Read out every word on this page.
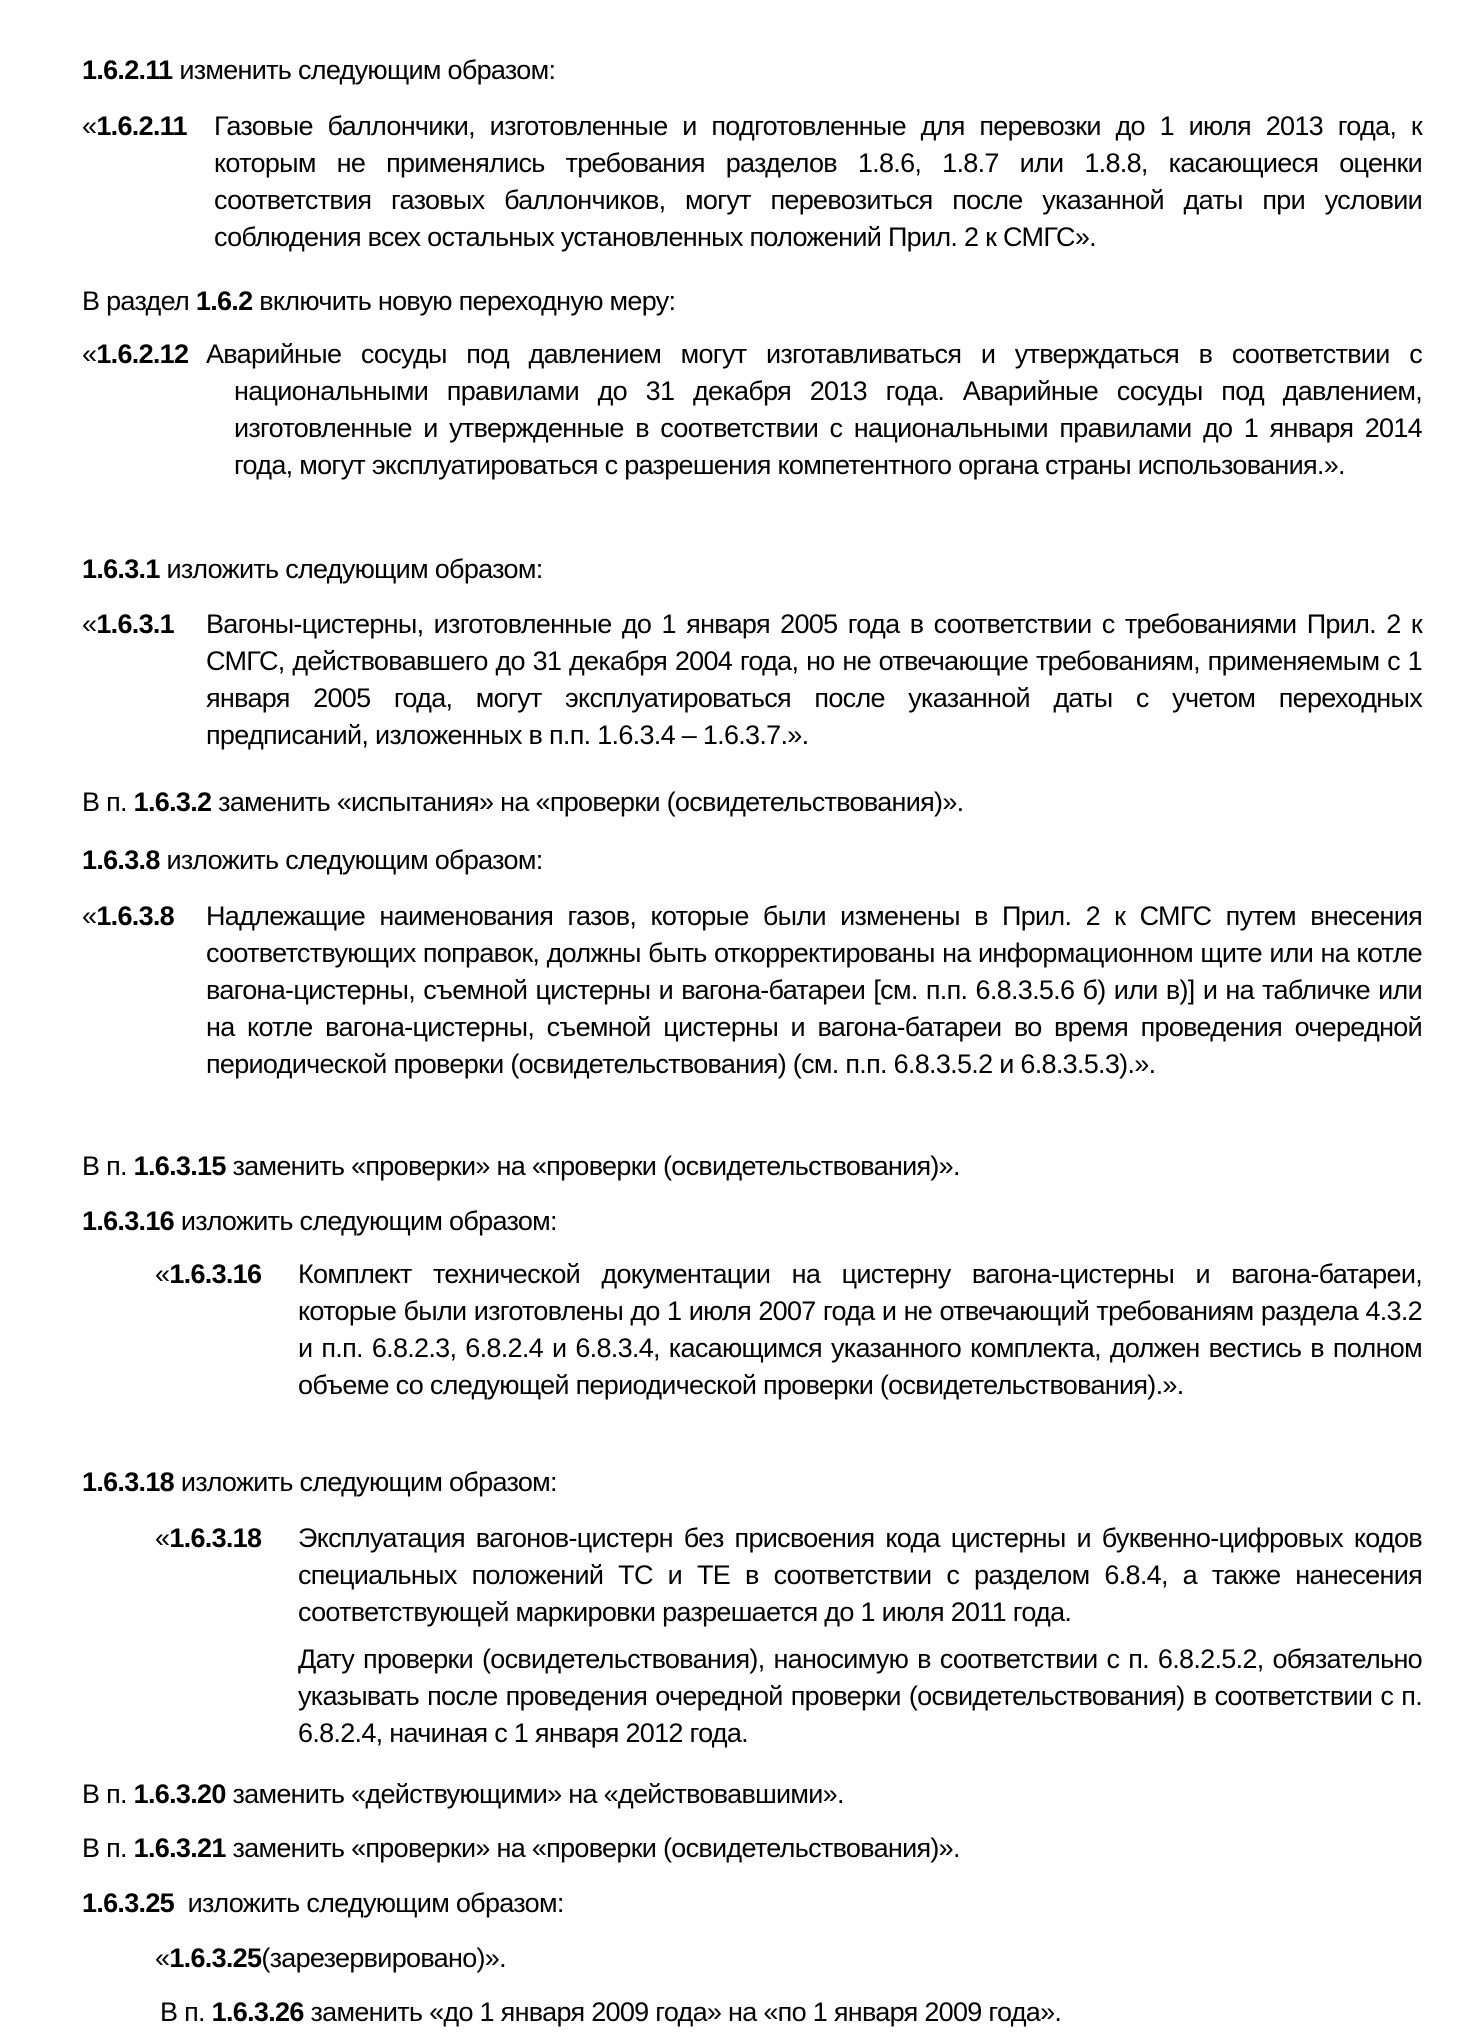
1.6.2.11 изменить следующим образом:
«1.6.2.11 Газовые баллончики, изготовленные и подготовленные для перевозки до 1 июля 2013 года, к которым не применялись требования разделов 1.8.6, 1.8.7 или 1.8.8, касающиеся оценки соответствия газовых баллончиков, могут перевозиться после указанной даты при условии соблюдения всех остальных установленных положений Прил. 2 к СМГС».
В раздел 1.6.2 включить новую переходную меру:
«1.6.2.12 Аварийные сосуды под давлением могут изготавливаться и утверждаться в соответствии с национальными правилами до 31 декабря 2013 года. Аварийные сосуды под давлением, изготовленные и утвержденные в соответствии с национальными правилами до 1 января 2014 года, могут эксплуатироваться с разрешения компетентного органа страны использования.».
1.6.3.1 изложить следующим образом:
«1.6.3.1 Вагоны-цистерны, изготовленные до 1 января 2005 года в соответствии с требованиями Прил. 2 к СМГС, действовавшего до 31 декабря 2004 года, но не отвечающие требованиям, применяемым с 1 января 2005 года, могут эксплуатироваться после указанной даты с учетом переходных предписаний, изложенных в п.п. 1.6.3.4 – 1.6.3.7.».
В п. 1.6.3.2 заменить «испытания» на «проверки (освидетельствования)».
1.6.3.8 изложить следующим образом:
«1.6.3.8 Надлежащие наименования газов, которые были изменены в Прил. 2 к СМГС путем внесения соответствующих поправок, должны быть откорректированы на информационном щите или на котле вагона-цистерны, съемной цистерны и вагона-батареи [см. п.п. 6.8.3.5.6 б) или в)] и на табличке или на котле вагона-цистерны, съемной цистерны и вагона-батареи во время проведения очередной периодической проверки (освидетельствования) (см. п.п. 6.8.3.5.2 и 6.8.3.5.3).».
В п. 1.6.3.15 заменить «проверки» на «проверки (освидетельствования)».
1.6.3.16 изложить следующим образом:
«1.6.3.16 Комплект технической документации на цистерну вагона-цистерны и вагона-батареи, которые были изготовлены до 1 июля 2007 года и не отвечающий требованиям раздела 4.3.2 и п.п. 6.8.2.3, 6.8.2.4 и 6.8.3.4, касающимся указанного комплекта, должен вестись в полном объеме со следующей периодической проверки (освидетельствования).».
1.6.3.18 изложить следующим образом:
«1.6.3.18 Эксплуатация вагонов-цистерн без присвоения кода цистерны и буквенно-цифровых кодов специальных положений ТС и ТЕ в соответствии с разделом 6.8.4, а также нанесения соответствующей маркировки разрешается до 1 июля 2011 года.

Дату проверки (освидетельствования), наносимую в соответствии с п. 6.8.2.5.2, обязательно указывать после проведения очередной проверки (освидетельствования) в соответствии с п. 6.8.2.4, начиная с 1 января 2012 года.

В п. 1.6.3.20 заменить «действующими» на «действовавшими».
В п. 1.6.3.21 заменить «проверки» на «проверки (освидетельствования)».
1.6.3.25 изложить следующим образом:
«1.6.3.25(зарезервировано)».
В п. 1.6.3.26 заменить «до 1 января 2009 года» на «по 1 января 2009 года».
